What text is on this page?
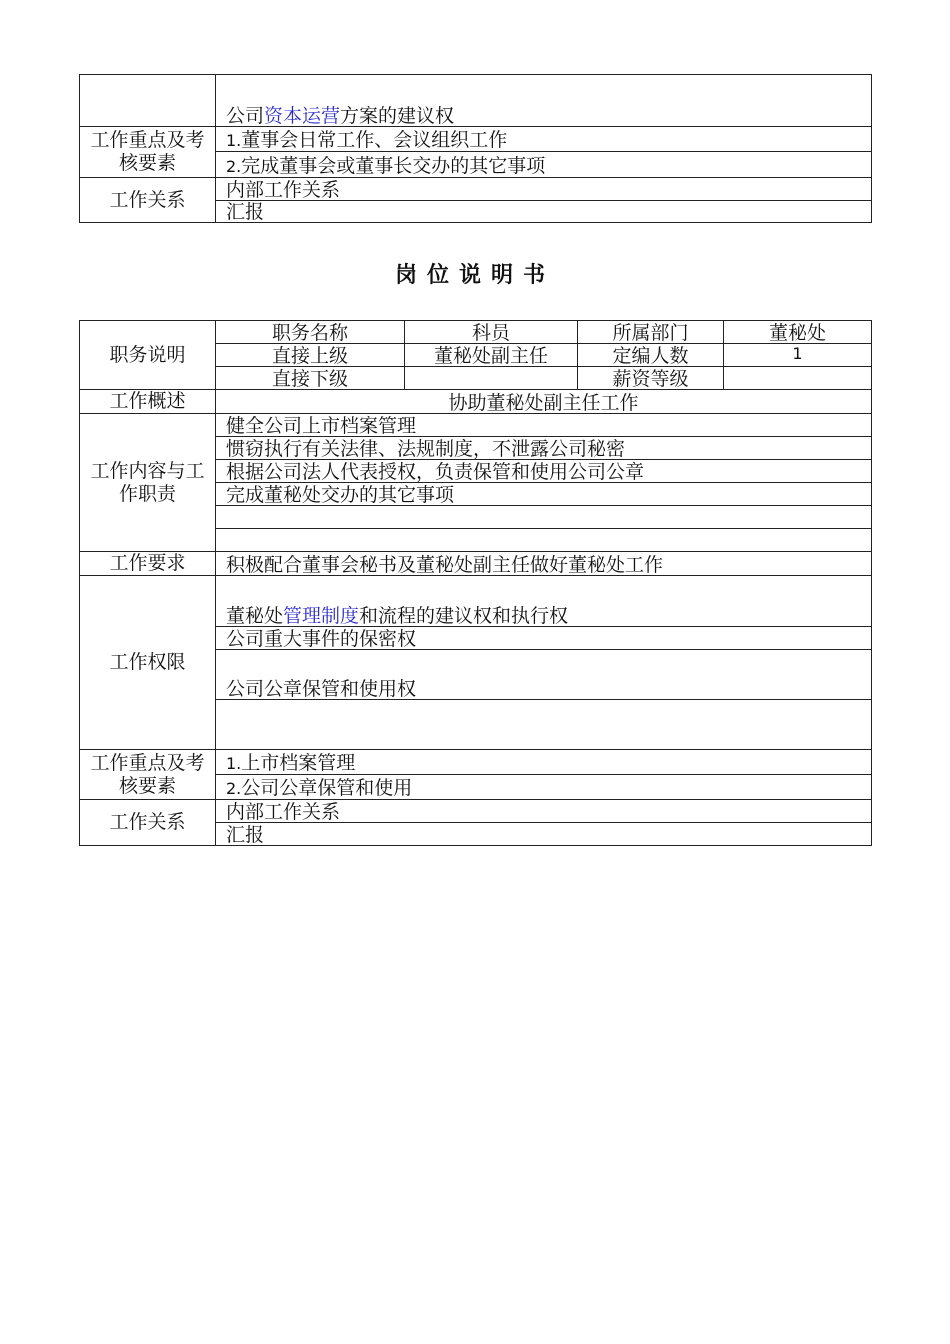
	公司资本运营方案的建议权
工作重点及考核要素	1.董事会日常工作、会议组织工作
	2.完成董事会或董事长交办的其它事项
工作关系	内部工作关系
	汇报
岗位说明书
职务说明	职务名称	科员	所属部门	董秘处
	直接上级	董秘处副主任	定编人数	1
	直接下级		薪资等级	
工作概述	协助董秘处副主任工作			
工作内容与工作职责	健全公司上市档案管理			
	惯窃执行有关法律、法规制度，不泄露公司秘密			
	根据公司法人代表授权，负责保管和使用公司公章			
	完成董秘处交办的其它事项			

工作要求	积极配合董事会秘书及董秘处副主任做好董秘处工作			
工作权限	董秘处管理制度和流程的建议权和执行权			
	公司重大事件的保密权			
	公司公章保管和使用权			

工作重点及考核要素	1.上市档案管理			
	2.公司公章保管和使用			
工作关系	内部工作关系			
	汇报			
